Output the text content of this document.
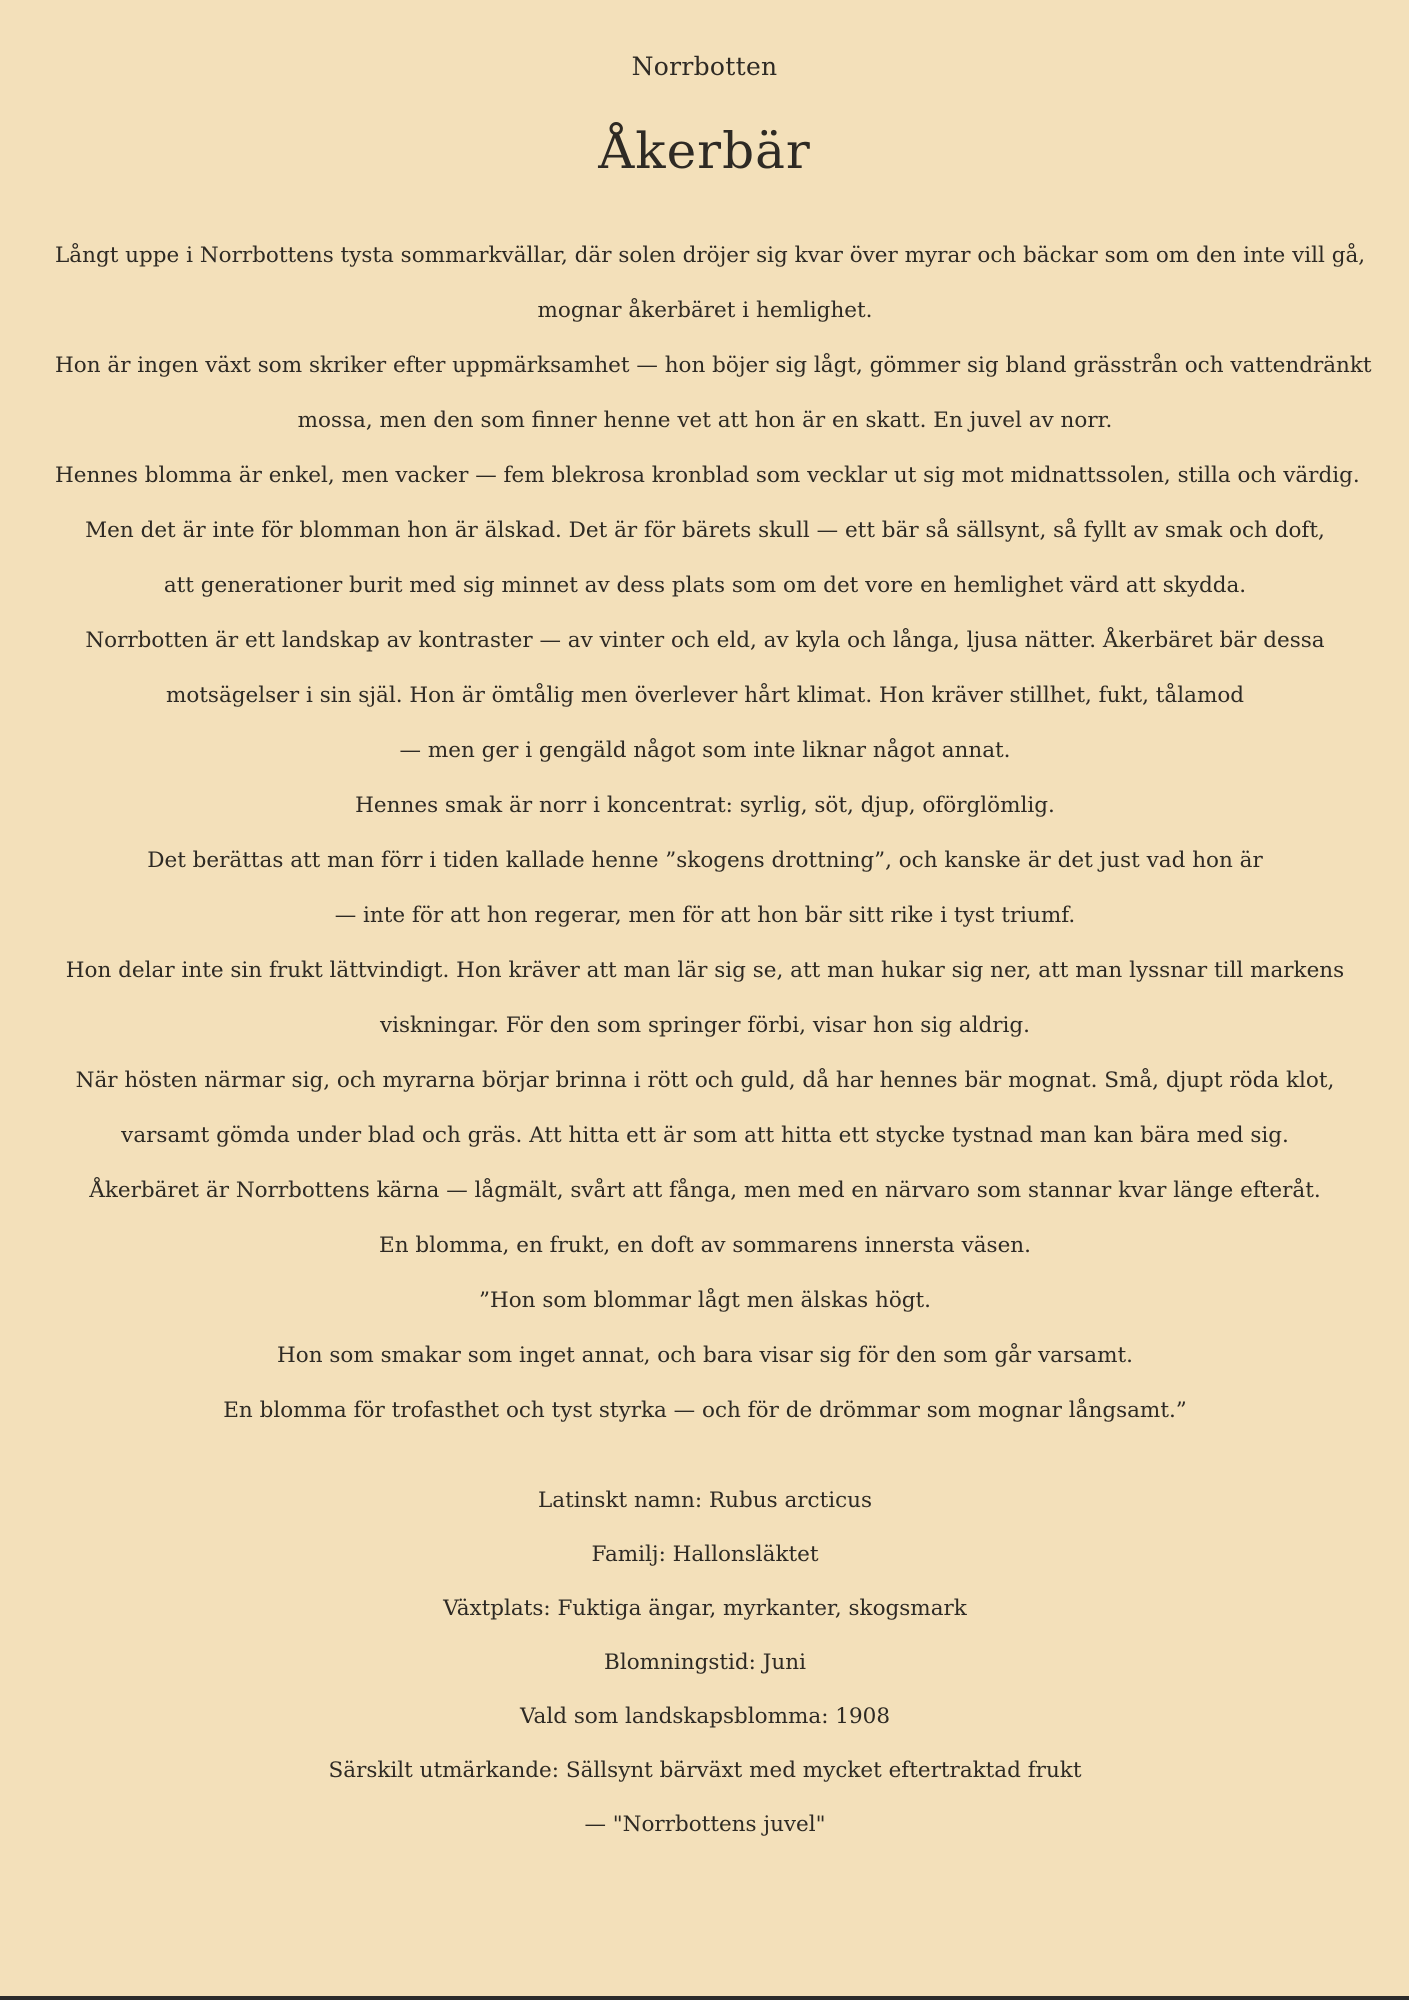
Norrbotten
Åkerbär
Långt uppe i Norrbottens tysta sommarkvällar, där solen dröjer sig kvar över myrar och bäckar som om den inte vill gå,
mognar åkerbäret i hemlighet.
Hon är ingen växt som skriker efter uppmärksamhet — hon böjer sig lågt, gömmer sig bland grässtrån och vattendränkt
mossa, men den som finner henne vet att hon är en skatt. En juvel av norr.
Hennes blomma är enkel, men vacker — fem blekrosa kronblad som vecklar ut sig mot midnattssolen, stilla och värdig.
Men det är inte för blomman hon är älskad. Det är för bärets skull — ett bär så sällsynt, så fyllt av smak och doft,
att generationer burit med sig minnet av dess plats som om det vore en hemlighet värd att skydda.
Norrbotten är ett landskap av kontraster — av vinter och eld, av kyla och långa, ljusa nätter. Åkerbäret bär dessa
motsägelser i sin själ. Hon är ömtålig men överlever hårt klimat. Hon kräver stillhet, fukt, tålamod
— men ger i gengäld något som inte liknar något annat.
Hennes smak är norr i koncentrat: syrlig, söt, djup, oförglömlig.
Det berättas att man förr i tiden kallade henne ”skogens drottning”, och kanske är det just vad hon är
— inte för att hon regerar, men för att hon bär sitt rike i tyst triumf.
Hon delar inte sin frukt lättvindigt. Hon kräver att man lär sig se, att man hukar sig ner, att man lyssnar till markens
viskningar. För den som springer förbi, visar hon sig aldrig.
När hösten närmar sig, och myrarna börjar brinna i rött och guld, då har hennes bär mognat. Små, djupt röda klot,
varsamt gömda under blad och gräs. Att hitta ett är som att hitta ett stycke tystnad man kan bära med sig.
Åkerbäret är Norrbottens kärna — lågmält, svårt att fånga, men med en närvaro som stannar kvar länge efteråt.
En blomma, en frukt, en doft av sommarens innersta väsen.
”Hon som blommar lågt men älskas högt.
Hon som smakar som inget annat, och bara visar sig för den som går varsamt.
En blomma för trofasthet och tyst styrka — och för de drömmar som mognar långsamt.”
Latinskt namn: Rubus arcticus
Familj: Hallonsläktet
Växtplats: Fuktiga ängar, myrkanter, skogsmark
Blomningstid: Juni
Vald som landskapsblomma: 1908
Särskilt utmärkande: Sällsynt bärväxt med mycket eftertraktad frukt
— "Norrbottens juvel"
